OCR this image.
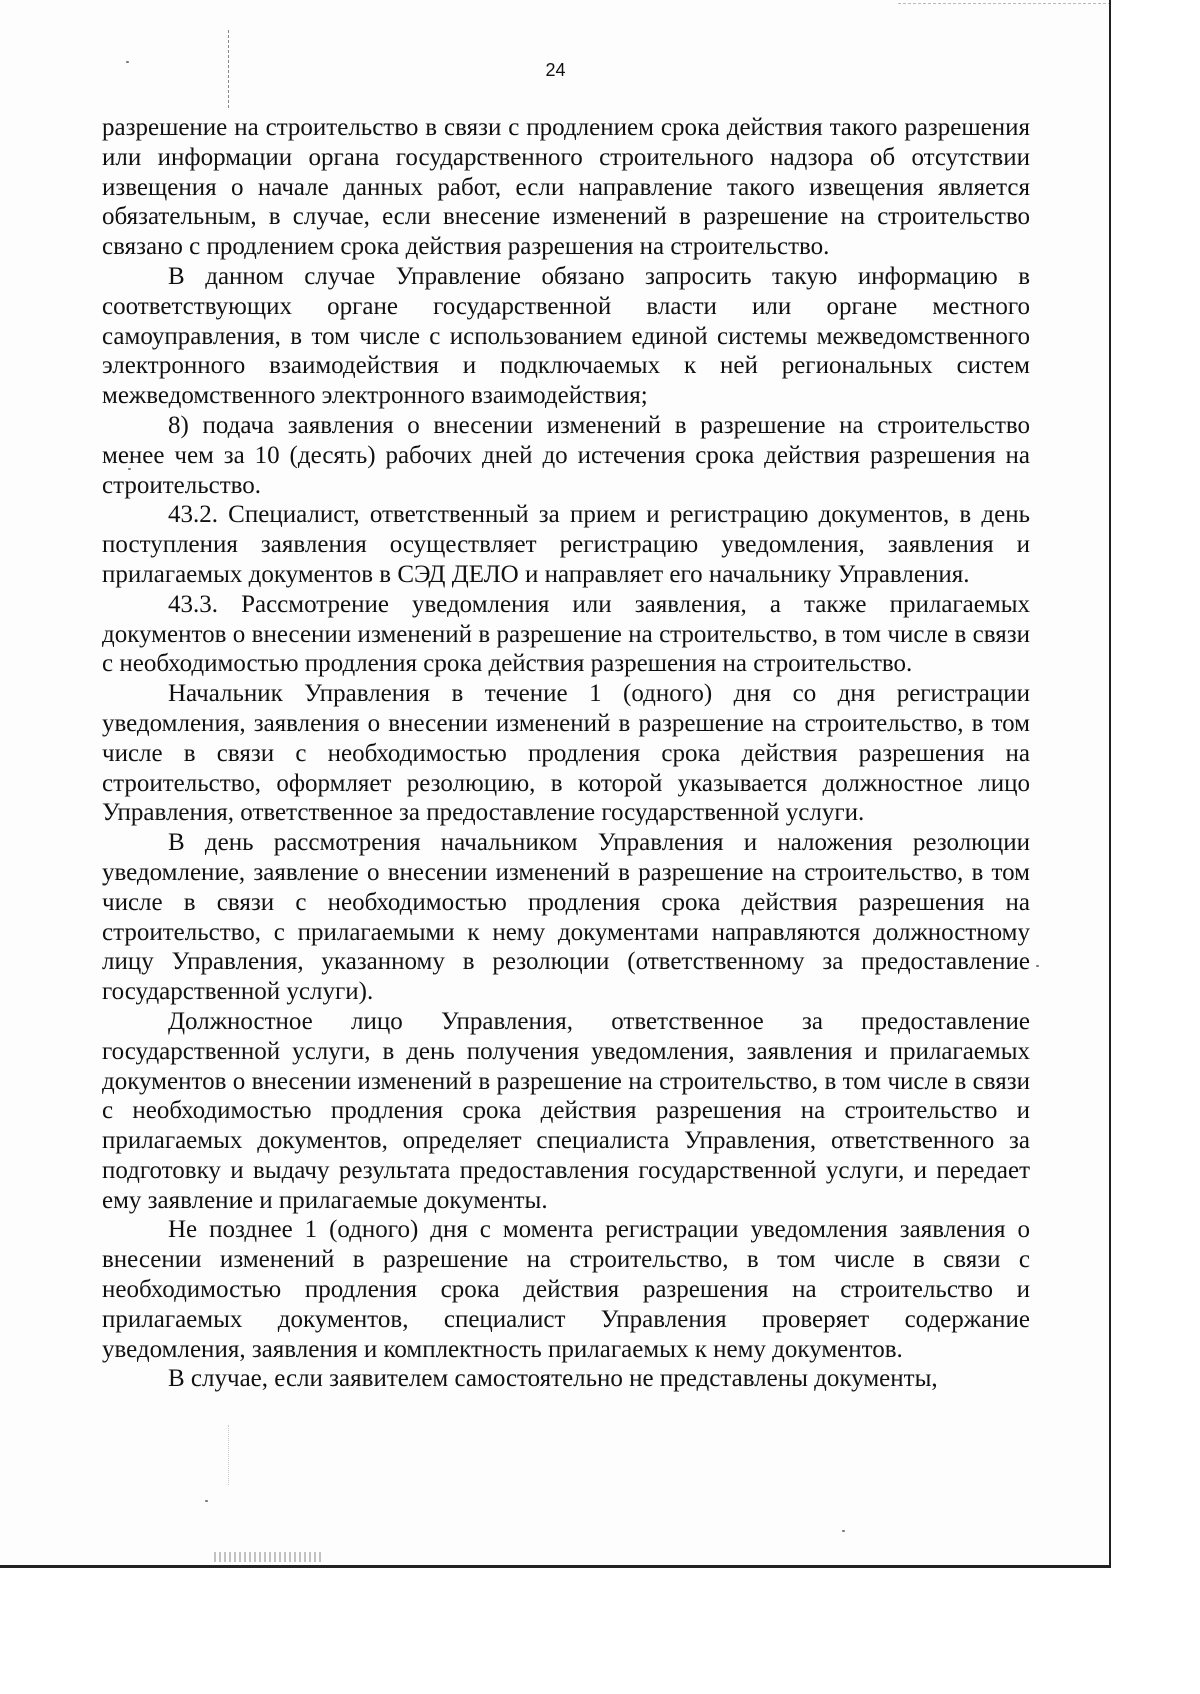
24

разрешение на строительство в связи с продлением срока действия такого разрешения или информации органа государственного строительного надзора об отсутствии извещения о начале данных работ, если направление такого извещения является обязательным, в случае, если внесение изменений в разрешение на строительство связано с продлением срока действия разрешения на строительство.

В данном случае Управление обязано запросить такую информацию в соответствующих органе государственной власти или органе местного самоуправления, в том числе с использованием единой системы межведомственного электронного взаимодействия и подключаемых к ней региональных систем межведомственного электронного взаимодействия;

8) подача заявления о внесении изменений в разрешение на строительство менее чем за 10 (десять) рабочих дней до истечения срока действия разрешения на строительство.

43.2. Специалист, ответственный за прием и регистрацию документов, в день поступления заявления осуществляет регистрацию уведомления, заявления и прилагаемых документов в СЭД ДЕЛО и направляет его начальнику Управления.

43.3. Рассмотрение уведомления или заявления, а также прилагаемых документов о внесении изменений в разрешение на строительство, в том числе в связи с необходимостью продления срока действия разрешения на строительство.

Начальник Управления в течение 1 (одного) дня со дня регистрации уведомления, заявления о внесении изменений в разрешение на строительство, в том числе в связи с необходимостью продления срока действия разрешения на строительство, оформляет резолюцию, в которой указывается должностное лицо Управления, ответственное за предоставление государственной услуги.

В день рассмотрения начальником Управления и наложения резолюции уведомление, заявление о внесении изменений в разрешение на строительство, в том числе в связи с необходимостью продления срока действия разрешения на строительство, с прилагаемыми к нему документами направляются должностному лицу Управления, указанному в резолюции (ответственному за предоставление государственной услуги).

Должностное лицо Управления, ответственное за предоставление государственной услуги, в день получения уведомления, заявления и прилагаемых документов о внесении изменений в разрешение на строительство, в том числе в связи с необходимостью продления срока действия разрешения на строительство и прилагаемых документов, определяет специалиста Управления, ответственного за подготовку и выдачу результата предоставления государственной услуги, и передает ему заявление и прилагаемые документы.

Не позднее 1 (одного) дня с момента регистрации уведомления заявления о внесении изменений в разрешение на строительство, в том числе в связи с необходимостью продления срока действия разрешения на строительство и прилагаемых документов, специалист Управления проверяет содержание уведомления, заявления и комплектность прилагаемых к нему документов.

В случае, если заявителем самостоятельно не представлены документы,
